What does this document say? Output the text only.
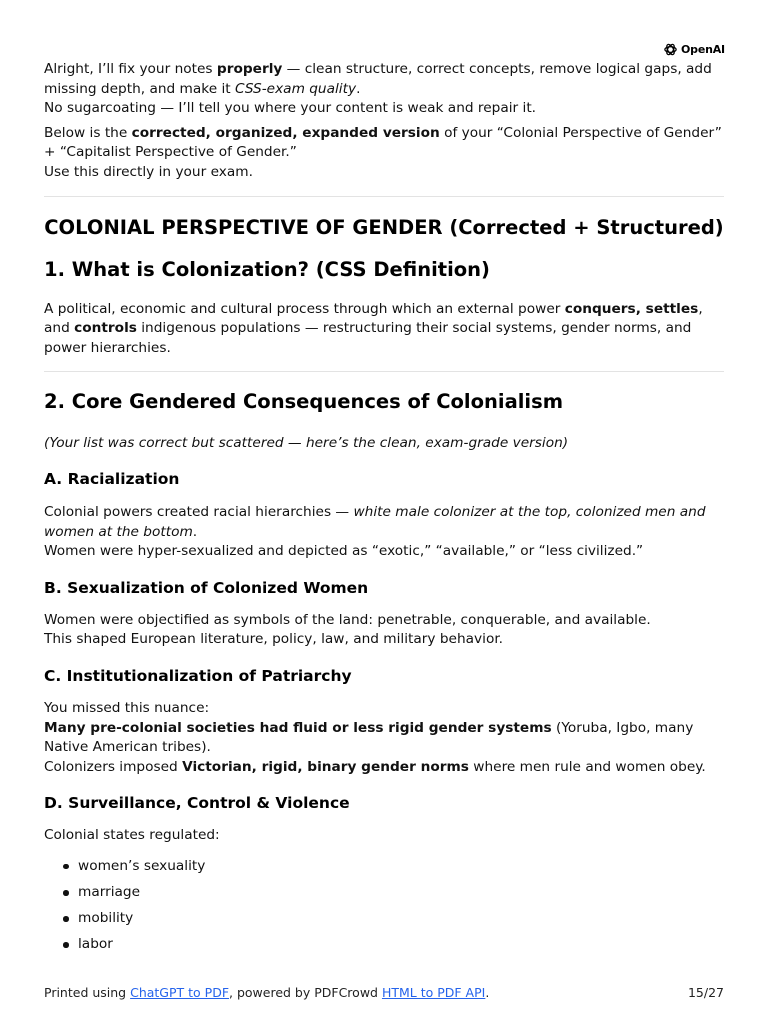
OpenAI

Alright, I’ll fix your notes properly — clean structure, correct concepts, remove logical gaps, add missing depth, and make it CSS-exam quality.
No sugarcoating — I’ll tell you where your content is weak and repair it.

Below is the corrected, organized, expanded version of your “Colonial Perspective of Gender” + “Capitalist Perspective of Gender.”
Use this directly in your exam.

COLONIAL PERSPECTIVE OF GENDER (Corrected + Structured)
1. What is Colonization? (CSS Definition)

A political, economic and cultural process through which an external power conquers, settles, and controls indigenous populations — restructuring their social systems, gender norms, and power hierarchies.

2. Core Gendered Consequences of Colonialism

(Your list was correct but scattered — here’s the clean, exam-grade version)

A. Racialization

Colonial powers created racial hierarchies — white male colonizer at the top, colonized men and women at the bottom.
Women were hyper-sexualized and depicted as “exotic,” “available,” or “less civilized.”

B. Sexualization of Colonized Women

Women were objectified as symbols of the land: penetrable, conquerable, and available.
This shaped European literature, policy, law, and military behavior.

C. Institutionalization of Patriarchy

You missed this nuance:
Many pre-colonial societies had fluid or less rigid gender systems (Yoruba, Igbo, many Native American tribes).
Colonizers imposed Victorian, rigid, binary gender norms where men rule and women obey.

D. Surveillance, Control & Violence

Colonial states regulated:

women’s sexuality
marriage
mobility
labor
Printed using ChatGPT to PDF, powered by PDFCrowd HTML to PDF API.	15/27
